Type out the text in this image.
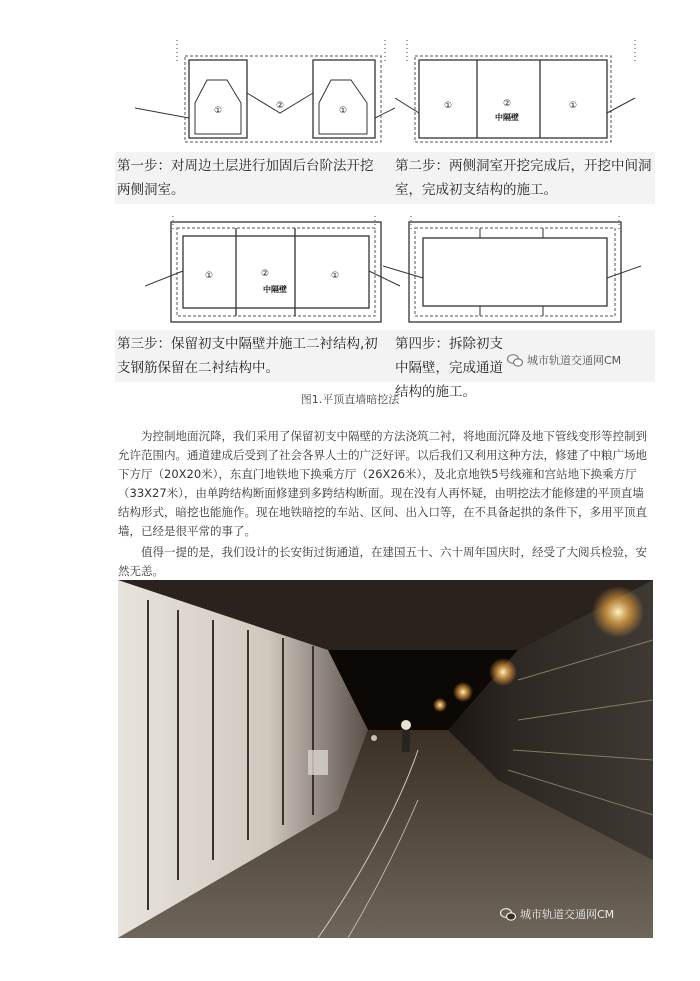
①	②	①	①	②	①
中隔壁
第一步：对周边土层进行加固后台阶法开挖两侧洞室。
第二步：两侧洞室开挖完成后，开挖中间洞室，完成初支结构的施工。
①	②	①
中隔壁
第三步：保留初支中隔壁并施工二衬结构,初支钢筋保留在二衬结构中。
第四步：拆除初支中隔壁，完成通道结构的施工。
城市轨道交通网CM
图1.平顶直墙暗挖法

为控制地面沉降，我们采用了保留初支中隔壁的方法浇筑二衬，将地面沉降及地下管线变形等控制到允许范围内。通道建成后受到了社会各界人士的广泛好评。以后我们又利用这种方法，修建了中粮广场地下方厅（20X20米），东直门地铁地下换乘方厅（26X26米），及北京地铁5号线雍和宫站地下换乘方厅（33X27米），由单跨结构断面修建到多跨结构断面。现在没有人再怀疑，由明挖法才能修建的平顶直墙结构形式，暗挖也能施作。现在地铁暗挖的车站、区间、出入口等，在不具备起拱的条件下，多用平顶直墙，已经是很平常的事了。

值得一提的是，我们设计的长安街过街通道，在建国五十、六十周年国庆时，经受了大阅兵检验，安然无恙。

城市轨道交通网CM
